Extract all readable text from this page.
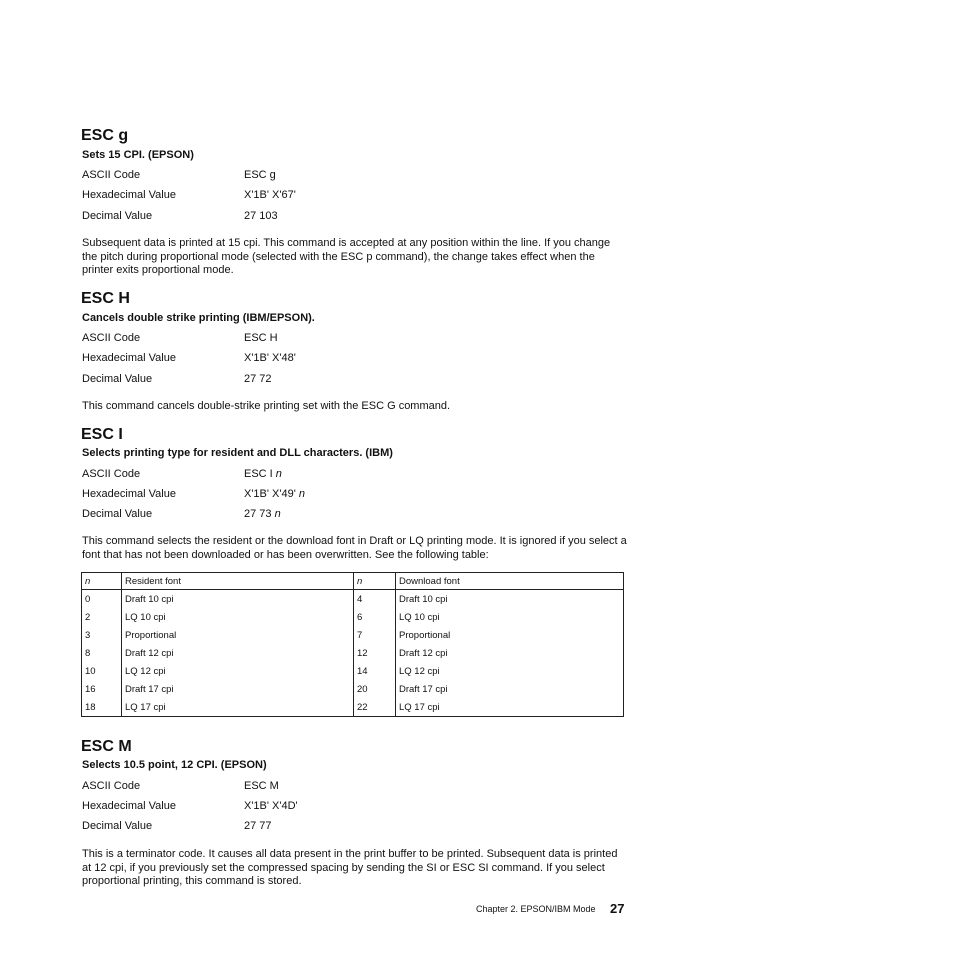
ESC g
Sets 15 CPI. (EPSON)
ASCII Code	ESC g
Hexadecimal Value	X'1B' X'67'
Decimal Value	27 103
Subsequent data is printed at 15 cpi. This command is accepted at any position within the line. If you change the pitch during proportional mode (selected with the ESC p command), the change takes effect when the printer exits proportional mode.
ESC H
Cancels double strike printing (IBM/EPSON).
ASCII Code	ESC H
Hexadecimal Value	X'1B' X'48'
Decimal Value	27 72
This command cancels double-strike printing set with the ESC G command.
ESC I
Selects printing type for resident and DLL characters. (IBM)
ASCII Code	ESC I n
Hexadecimal Value	X'1B' X'49' n
Decimal Value	27 73 n
This command selects the resident or the download font in Draft or LQ printing mode. It is ignored if you select a font that has not been downloaded or has been overwritten. See the following table:
n	Resident font	n	Download font
0	Draft 10 cpi	4	Draft 10 cpi
2	LQ 10 cpi	6	LQ 10 cpi
3	Proportional	7	Proportional
8	Draft 12 cpi	12	Draft 12 cpi
10	LQ 12 cpi	14	LQ 12 cpi
16	Draft 17 cpi	20	Draft 17 cpi
18	LQ 17 cpi	22	LQ 17 cpi
ESC M
Selects 10.5 point, 12 CPI. (EPSON)
ASCII Code	ESC M
Hexadecimal Value	X'1B' X'4D'
Decimal Value	27 77
This is a terminator code. It causes all data present in the print buffer to be printed. Subsequent data is printed at 12 cpi, if you previously set the compressed spacing by sending the SI or ESC SI command. If you select proportional printing, this command is stored.
Chapter 2. EPSON/IBM Mode 27
